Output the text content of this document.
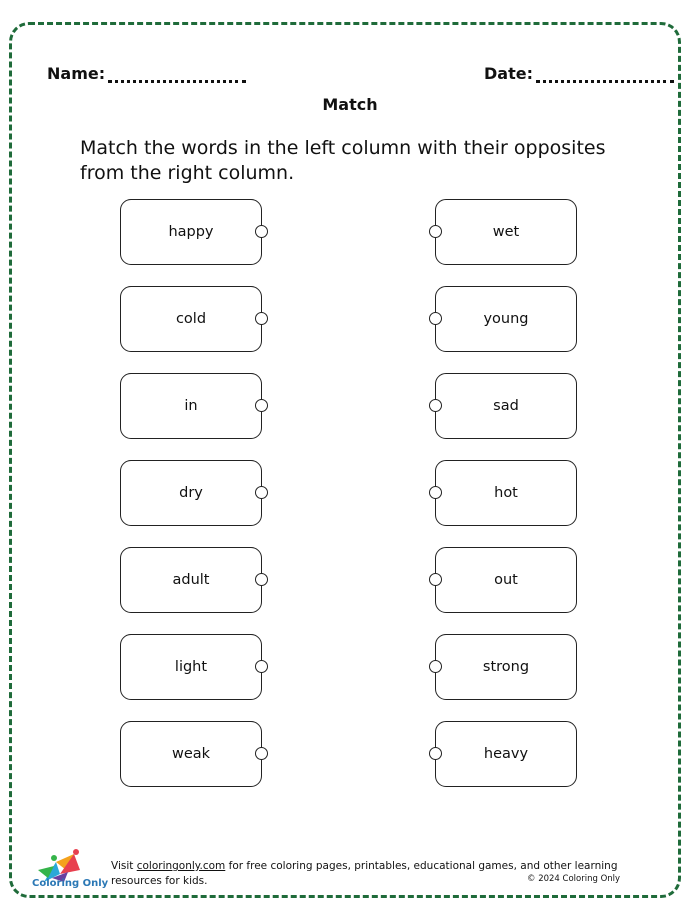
Name:	Date:
Match
Match the words in the left column with their opposites from the right column.
happy
cold
in
dry
adult
light
weak
wet
young
sad
hot
out
strong
heavy
Coloring Only
Visit coloringonly.com for free coloring pages, printables, educational games, and other learning resources for kids.	© 2024 Coloring Only
